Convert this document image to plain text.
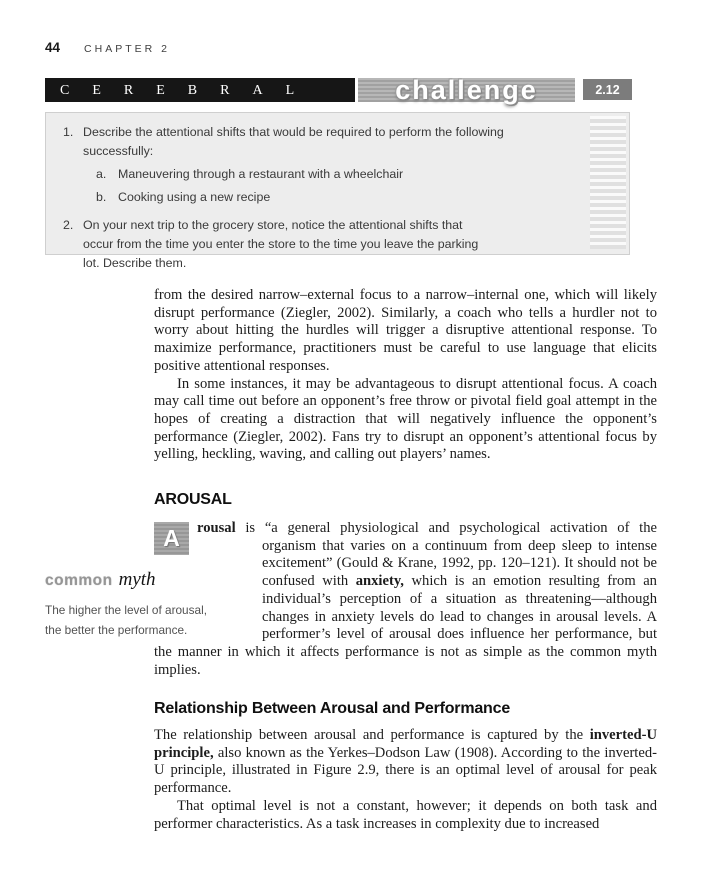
44 CHAPTER 2
CEREBRAL	challenge	2.12
1. Describe the attentional shifts that would be required to perform the following successfully:
a. Maneuvering through a restaurant with a wheelchair
b. Cooking using a new recipe
2. On your next trip to the grocery store, notice the attentional shifts that occur from the time you enter the store to the time you leave the parking lot. Describe them.

from the desired narrow–external focus to a narrow–internal one, which will likely disrupt performance (Ziegler, 2002). Similarly, a coach who tells a hurdler not to worry about hitting the hurdles will trigger a disruptive attentional response. To maximize performance, practitioners must be careful to use language that elicits positive attentional responses.

In some instances, it may be advantageous to disrupt attentional focus. A coach may call time out before an opponent’s free throw or pivotal field goal attempt in the hopes of creating a distraction that will negatively influence the opponent’s performance (Ziegler, 2002). Fans try to disrupt an opponent’s attentional focus by yelling, heckling, waving, and calling out players’ names.

AROUSAL
A	rousal is “a general physiological and psychological activation of the organism that varies on a continuum from deep sleep to intense excitement” (Gould & Krane, 1992, pp. 120–121). It should not be confused with anxiety, which is an emotion resulting from an individual’s perception of a situation as threatening—although changes in anxiety levels do lead to changes in arousal levels. A performer’s level of arousal does influence her performance, but the manner in which it affects performance is not as simple as the common myth implies.
common myth
The higher the level of arousal, the better the performance.
Relationship Between Arousal and Performance

The relationship between arousal and performance is captured by the inverted-U principle, also known as the Yerkes–Dodson Law (1908). According to the inverted-U principle, illustrated in Figure 2.9, there is an optimal level of arousal for peak performance.

That optimal level is not a constant, however; it depends on both task and performer characteristics. As a task increases in complexity due to increased
